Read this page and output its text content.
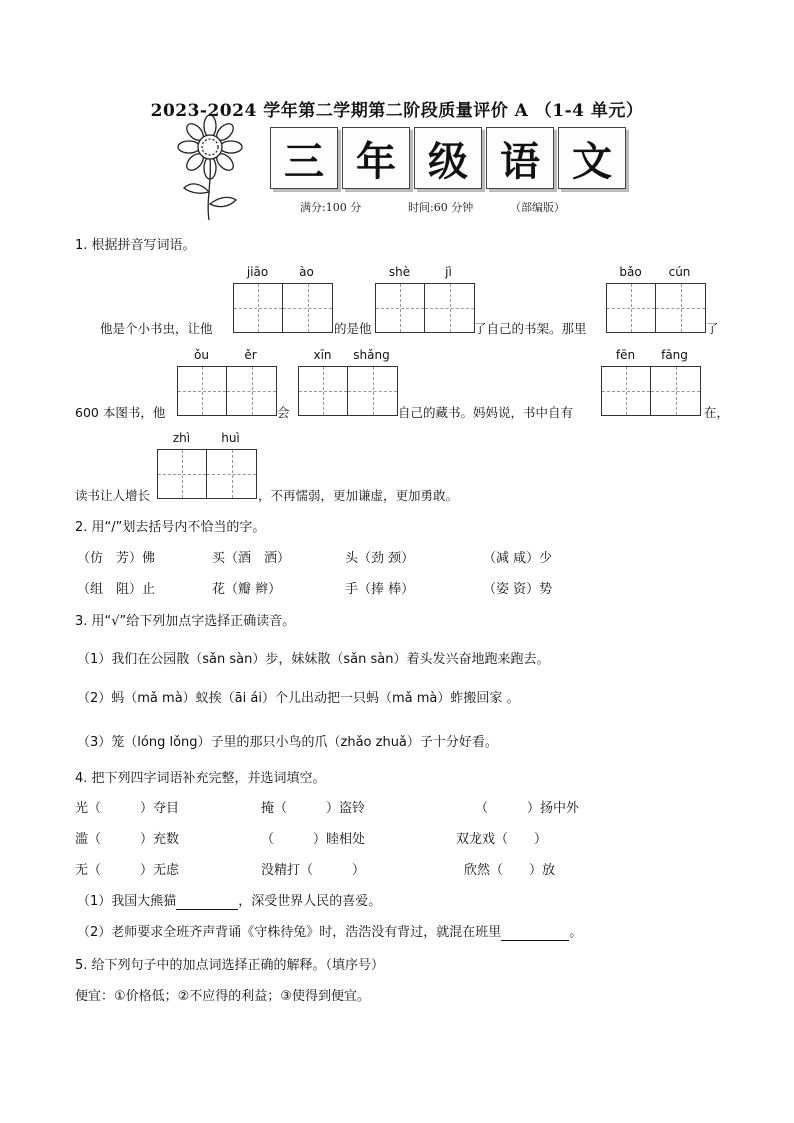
2023-2024 学年第二学期第二阶段质量评价 A （1-4 单元）
三 年 级 语 文
满分:100 分	时间:60 分钟	（部编版）
1. 根据拼音写词语。
jiāo	ào	shè	jì	bǎo	cún
他是个小书虫，让他	的是他	了自己的书架。那里	了
ǒu	ěr	xīn	shǎng	fēn	fāng
600 本图书，他	会	自己的藏书。妈妈说，书中自有	在，
zhì	huì
读书让人增长	，不再懦弱，更加谦虚，更加勇敢。
2. 用“/”划去括号内不恰当的字。
（仿　芳）佛	买（酒　洒）	头（劲 颈）	（减 咸）少
（组　阻）止	花（瓣 辫）	手（捧 棒）	（姿 资）势
3. 用“√”给下列加点字选择正确读音。
（1）我们在公园散（sǎn sàn）步，妹妹散（sǎn sàn）着头发兴奋地跑来跑去。
（2）蚂（mǎ mà）蚁挨（āi ái）个儿出动把一只蚂（mǎ mà）蚱搬回家 。
（3）笼（lóng lǒng）子里的那只小鸟的爪（zhǎo zhuǎ）子十分好看。
4. 把下列四字词语补充完整，并选词填空。
光（　　　）夺目	掩（　　　）盗铃	（　　　）扬中外
滥（　　　）充数	（　　　）睦相处	双龙戏（　　）
无（　　　）无虑	没精打（　　　）	欣然（　　）放
（1）我国大熊猫	，深受世界人民的喜爱。
（2）老师要求全班齐声背诵《守株待兔》时，浩浩没有背过，就混在班里	。
5. 给下列句子中的加点词选择正确的解释。（填序号）
便宜：①价格低；②不应得的利益；③使得到便宜。
